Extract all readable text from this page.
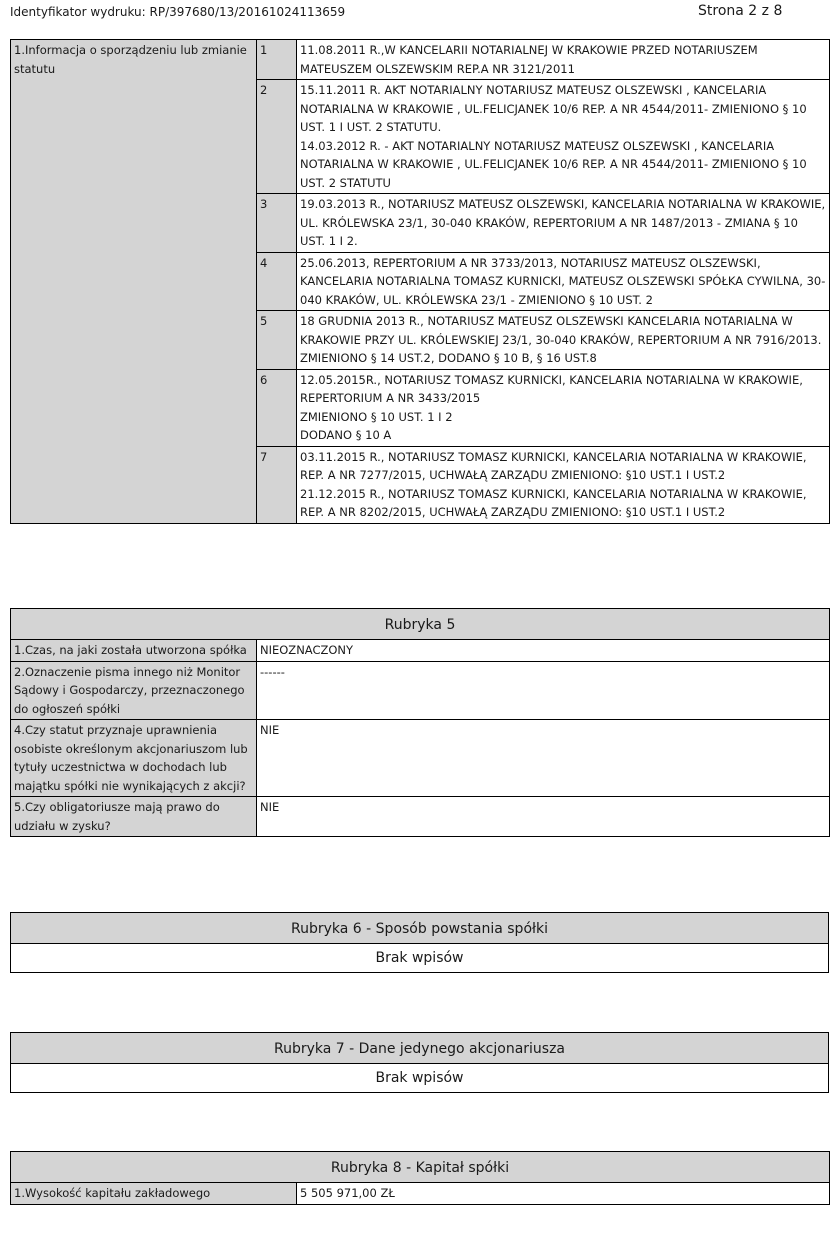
Identyfikator wydruku: RP/397680/13/20161024113659	Strona 2 z 8
1.Informacja o sporządzeniu lub zmianie statutu	1	11.08.2011 R.,W KANCELARII NOTARIALNEJ W KRAKOWIE PRZED NOTARIUSZEM MATEUSZEM OLSZEWSKIM REP.A NR 3121/2011
	2	15.11.2011 R. AKT NOTARIALNY NOTARIUSZ MATEUSZ OLSZEWSKI , KANCELARIA NOTARIALNA W KRAKOWIE , UL.FELICJANEK 10/6 REP. A NR 4544/2011- ZMIENIONO § 10 UST. 1 I UST. 2 STATUTU.
14.03.2012 R. - AKT NOTARIALNY NOTARIUSZ MATEUSZ OLSZEWSKI , KANCELARIA NOTARIALNA W KRAKOWIE , UL.FELICJANEK 10/6 REP. A NR 4544/2011- ZMIENIONO § 10 UST. 2 STATUTU
	3	19.03.2013 R., NOTARIUSZ MATEUSZ OLSZEWSKI, KANCELARIA NOTARIALNA W KRAKOWIE, UL. KRÓLEWSKA 23/1, 30-040 KRAKÓW, REPERTORIUM A NR 1487/2013 - ZMIANA § 10 UST. 1 I 2.
	4	25.06.2013, REPERTORIUM A NR 3733/2013, NOTARIUSZ MATEUSZ OLSZEWSKI, KANCELARIA NOTARIALNA TOMASZ KURNICKI, MATEUSZ OLSZEWSKI SPÓŁKA CYWILNA, 30-040 KRAKÓW, UL. KRÓLEWSKA 23/1 - ZMIENIONO § 10 UST. 2
	5	18 GRUDNIA 2013 R., NOTARIUSZ MATEUSZ OLSZEWSKI KANCELARIA NOTARIALNA W KRAKOWIE PRZY UL. KRÓLEWSKIEJ 23/1, 30-040 KRAKÓW, REPERTORIUM A NR 7916/2013. ZMIENIONO § 14 UST.2, DODANO § 10 B, § 16 UST.8
	6	12.05.2015R., NOTARIUSZ TOMASZ KURNICKI, KANCELARIA NOTARIALNA W KRAKOWIE, REPERTORIUM A NR 3433/2015
ZMIENIONO § 10 UST. 1 I 2
DODANO § 10 A
	7	03.11.2015 R., NOTARIUSZ TOMASZ KURNICKI, KANCELARIA NOTARIALNA W KRAKOWIE, REP. A NR 7277/2015, UCHWAŁĄ ZARZĄDU ZMIENIONO: §10 UST.1 I UST.2
21.12.2015 R., NOTARIUSZ TOMASZ KURNICKI, KANCELARIA NOTARIALNA W KRAKOWIE, REP. A NR 8202/2015, UCHWAŁĄ ZARZĄDU ZMIENIONO: §10 UST.1 I UST.2
Rubryka 5	
1.Czas, na jaki została utworzona spółka	NIEOZNACZONY
2.Oznaczenie pisma innego niż Monitor Sądowy i Gospodarczy, przeznaczonego do ogłoszeń spółki	------
4.Czy statut przyznaje uprawnienia osobiste określonym akcjonariuszom lub tytuły uczestnictwa w dochodach lub majątku spółki nie wynikających z akcji?	NIE
5.Czy obligatoriusze mają prawo do udziału w zysku?	NIE
Rubryka 6 - Sposób powstania spółki
Brak wpisów
Rubryka 7 - Dane jedynego akcjonariusza
Brak wpisów
Rubryka 8 - Kapitał spółki
1.Wysokość kapitału zakładowego	5 505 971,00 ZŁ
